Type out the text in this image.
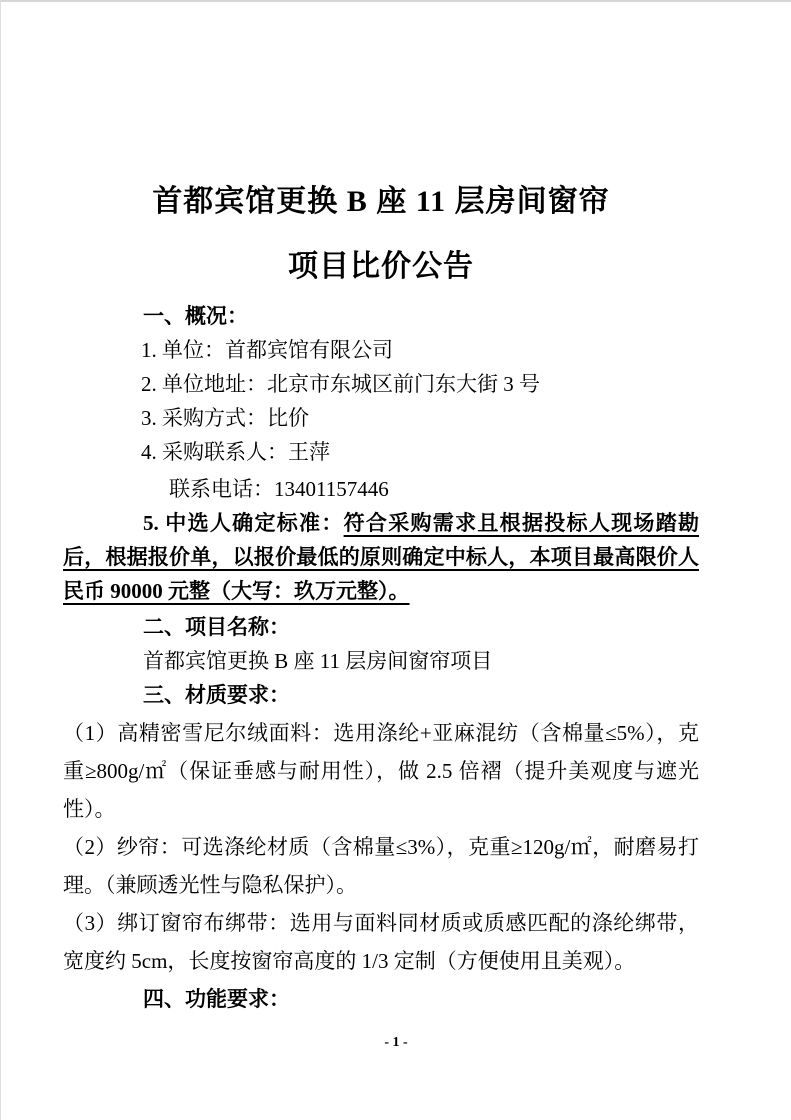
首都宾馆更换 B 座 11 层房间窗帘
项目比价公告

一、概况：

1. 单位：首都宾馆有限公司

2. 单位地址：北京市东城区前门东大街 3 号

3. 采购方式：比价

4. 采购联系人：王萍

联系电话：13401157446

5. 中选人确定标准：符合采购需求且根据投标人现场踏勘后，根据报价单，以报价最低的原则确定中标人，本项目最高限价人民币 90000 元整（大写：玖万元整）。

二、项目名称：

首都宾馆更换 B 座 11 层房间窗帘项目

三、材质要求：

（1）高精密雪尼尔绒面料：选用涤纶+亚麻混纺（含棉量≤5%），克重≥800g/㎡（保证垂感与耐用性），做 2.5 倍褶（提升美观度与遮光性）。

（2）纱帘：可选涤纶材质（含棉量≤3%），克重≥120g/㎡，耐磨易打理。（兼顾透光性与隐私保护）。

（3）绑订窗帘布绑带：选用与面料同材质或质感匹配的涤纶绑带，宽度约 5cm，长度按窗帘高度的 1/3 定制（方便使用且美观）。

四、功能要求：

- 1 -
